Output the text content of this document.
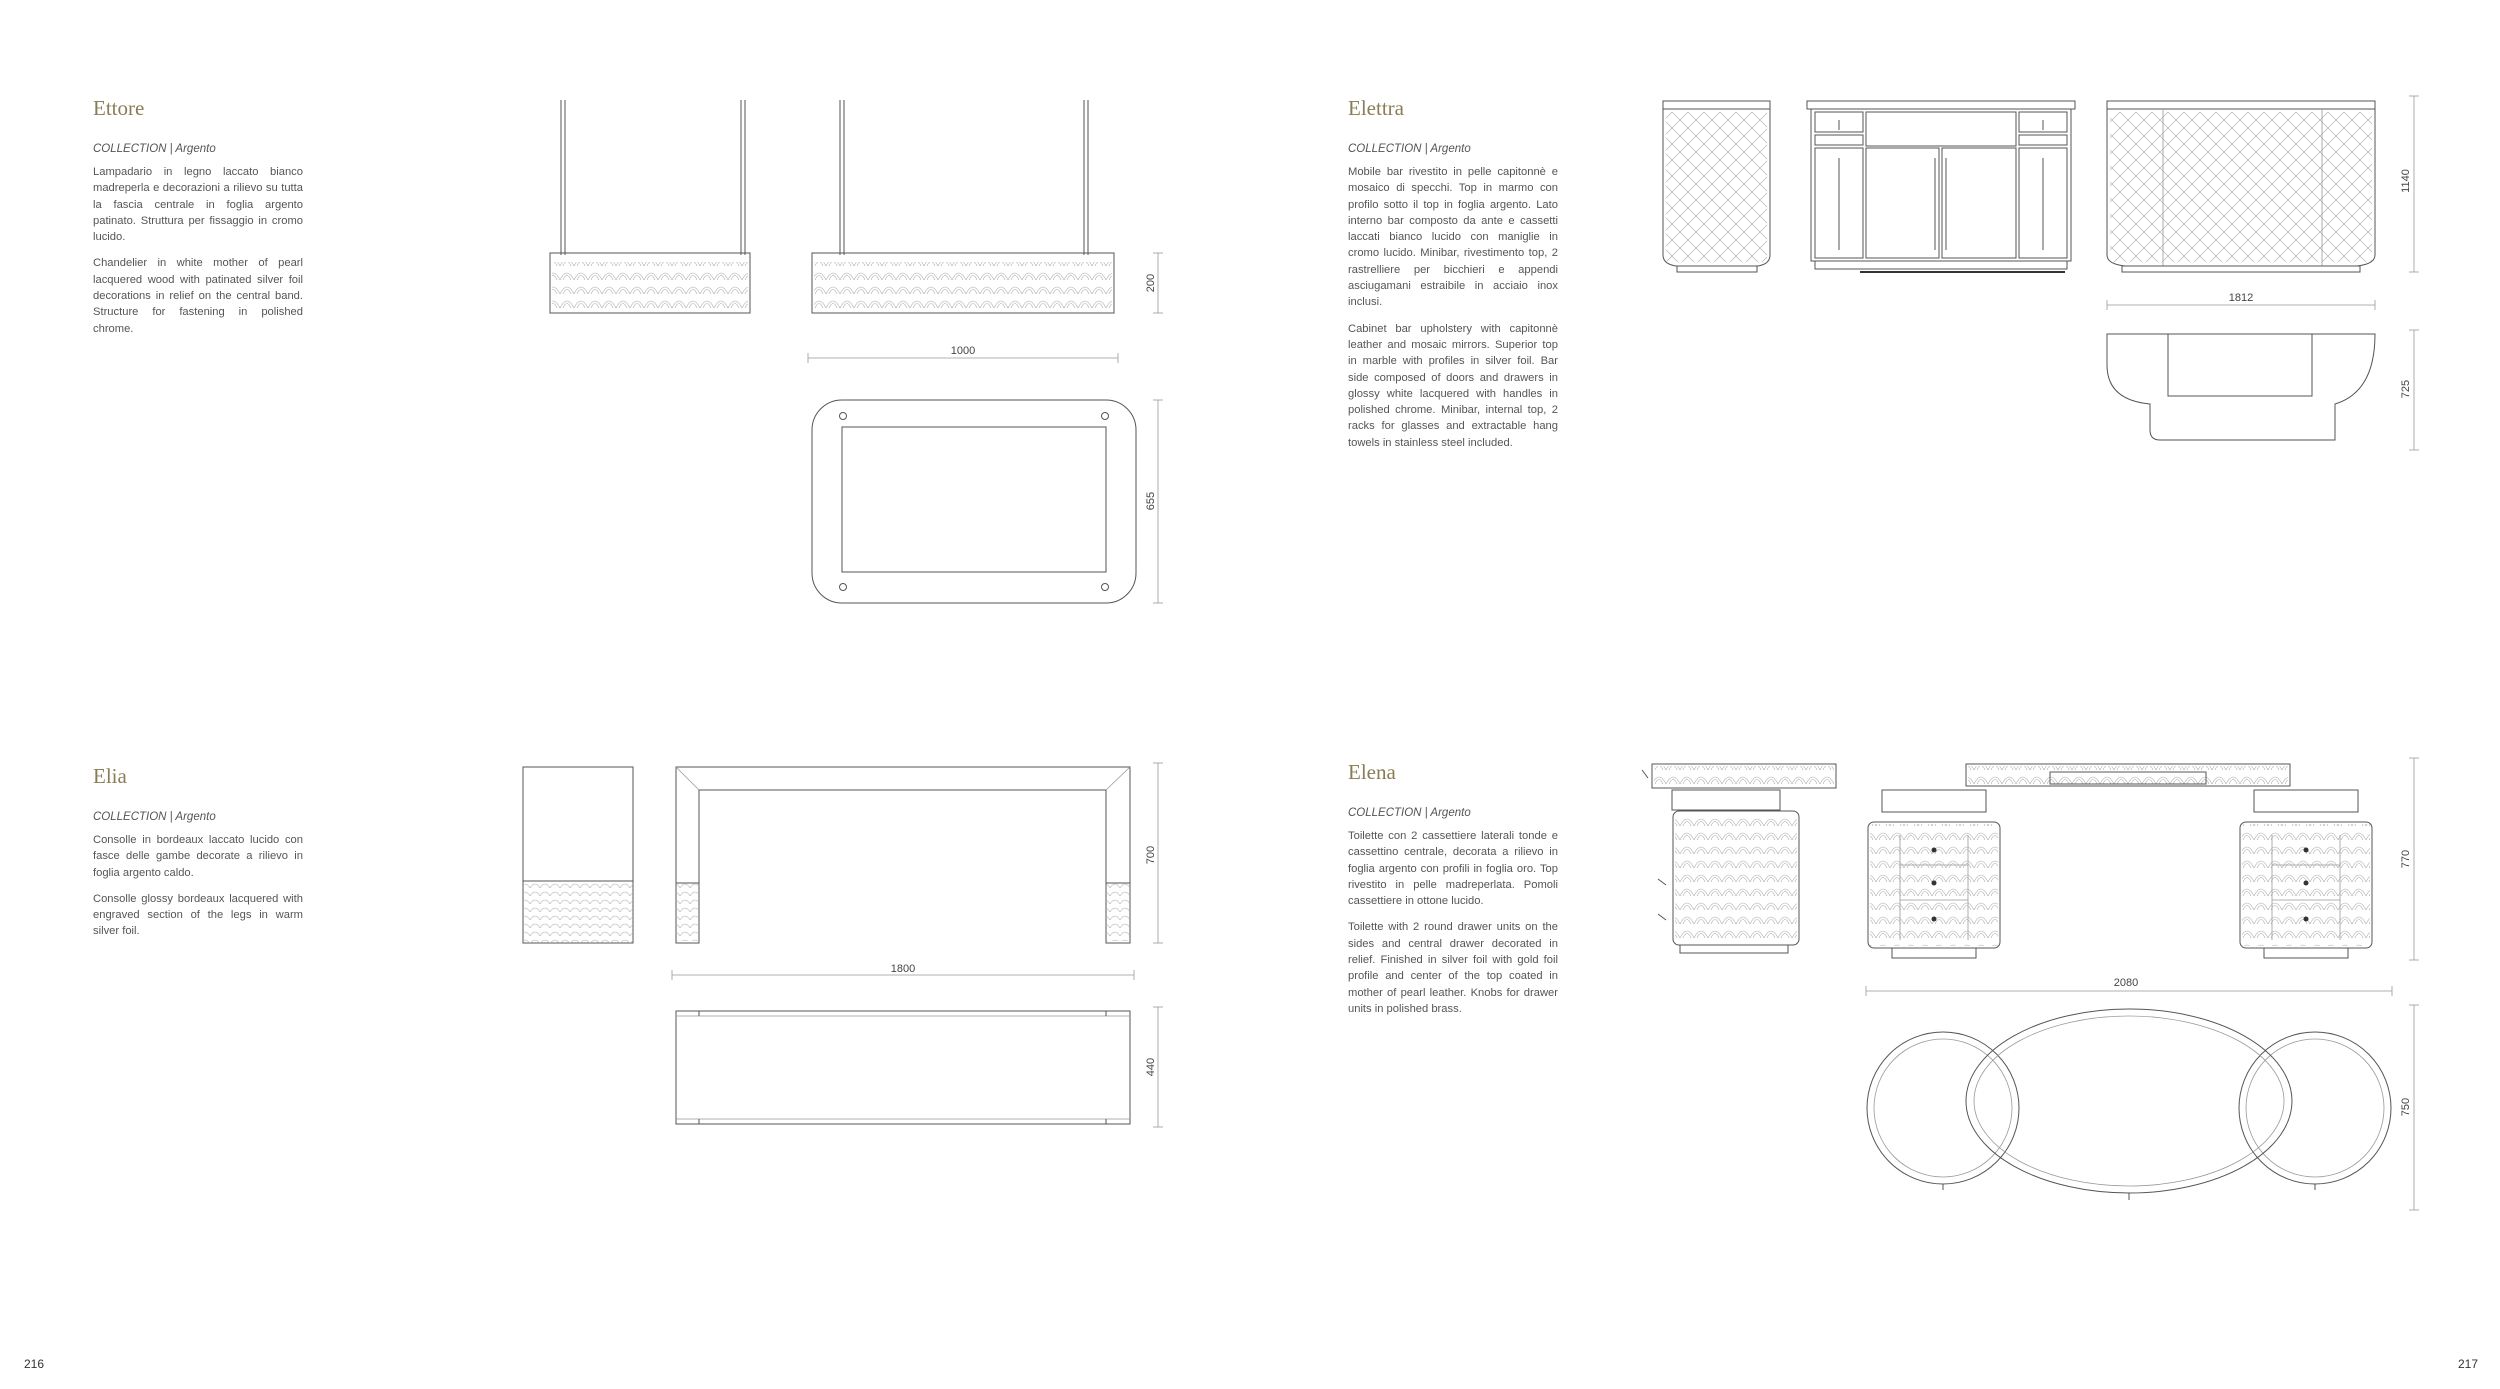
Ettore

COLLECTION | Argento

Lampadario in legno laccato bianco madreperla e decorazioni a rilievo su tutta la fascia centrale in foglia argento patinato. Struttura per fissaggio in cromo lucido.

Chandelier in white mother of pearl lacquered wood with patinated silver foil decorations in relief on the central band. Structure for fastening in polished chrome.

Elettra

COLLECTION | Argento

Mobile bar rivestito in pelle capitonnè e mosaico di specchi. Top in marmo con profilo sotto il top in foglia argento. Lato interno bar composto da ante e cassetti laccati bianco lucido con maniglie in cromo lucido. Minibar, rivestimento top, 2 rastrelliere per bicchieri e appendi asciugamani estraibile in acciaio inox inclusi.

Cabinet bar upholstery with capitonnè leather and mosaic mirrors. Superior top in marble with profiles in silver foil. Bar side composed of doors and drawers in glossy white lacquered with handles in polished chrome. Minibar, internal top, 2 racks for glasses and extractable hang towels in stainless steel included.

Elia

COLLECTION | Argento

Consolle in bordeaux laccato lucido con fasce delle gambe decorate a rilievo in foglia argento caldo.

Consolle glossy bordeaux lacquered with engraved section of the legs in warm silver foil.

Elena

COLLECTION | Argento

Toilette con 2 cassettiere laterali tonde e cassettino centrale, decorata a rilievo in foglia argento con profili in foglia oro. Top rivestito in pelle madreperlata. Pomoli cassettiere in ottone lucido.

Toilette with 2 round drawer units on the sides and central drawer decorated in relief. Finished in silver foil with gold foil profile and center of the top coated in mother of pearl leather. Knobs for drawer units in polished brass.

200
1000
655
1140
1812
725
700
1800
440
770
2080
750
216	217
